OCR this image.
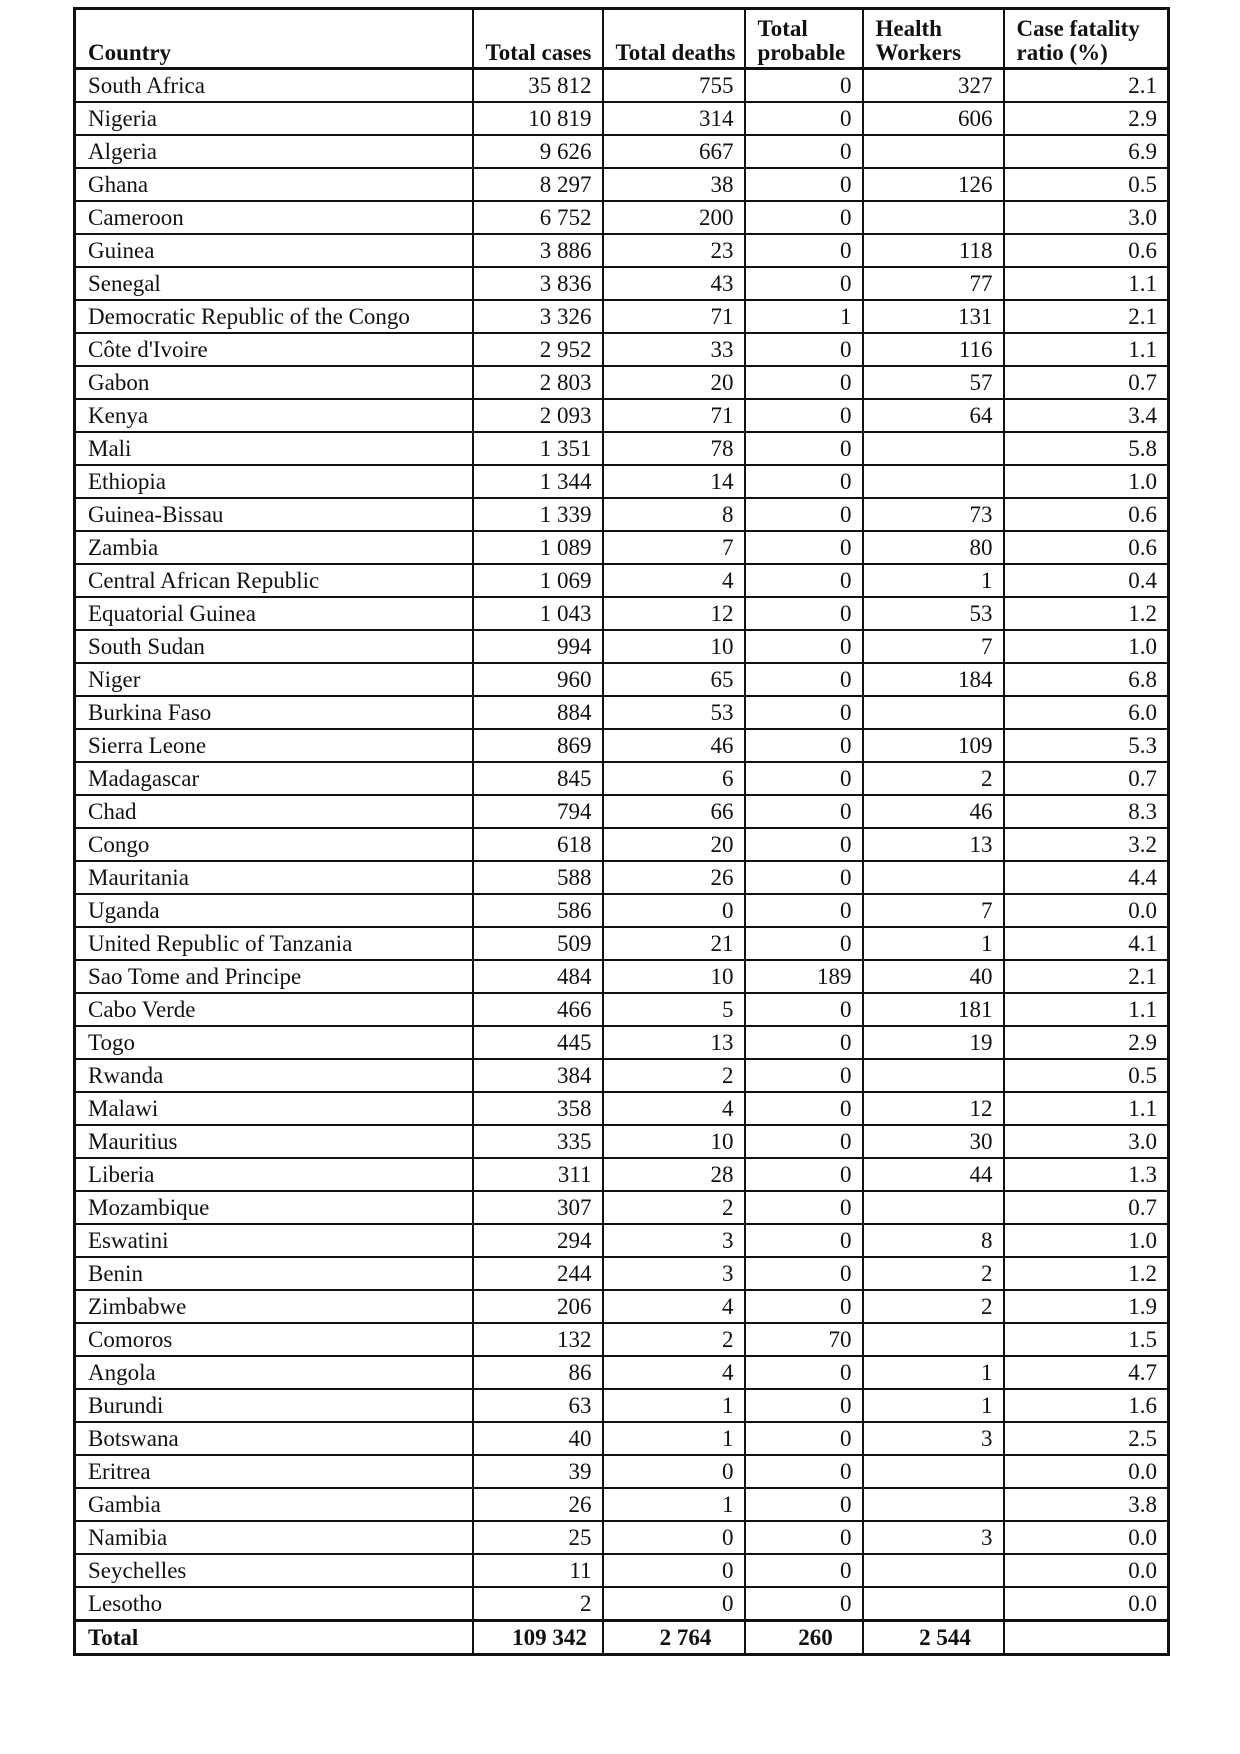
Country	Total cases	Total deaths	Total probable	Health Workers	Case fatality ratio (%)
South Africa	35 812	755	0	327	2.1
Nigeria	10 819	314	0	606	2.9
Algeria	9 626	667	0		6.9
Ghana	8 297	38	0	126	0.5
Cameroon	6 752	200	0		3.0
Guinea	3 886	23	0	118	0.6
Senegal	3 836	43	0	77	1.1
Democratic Republic of the Congo	3 326	71	1	131	2.1
Côte d'Ivoire	2 952	33	0	116	1.1
Gabon	2 803	20	0	57	0.7
Kenya	2 093	71	0	64	3.4
Mali	1 351	78	0		5.8
Ethiopia	1 344	14	0		1.0
Guinea-Bissau	1 339	8	0	73	0.6
Zambia	1 089	7	0	80	0.6
Central African Republic	1 069	4	0	1	0.4
Equatorial Guinea	1 043	12	0	53	1.2
South Sudan	994	10	0	7	1.0
Niger	960	65	0	184	6.8
Burkina Faso	884	53	0		6.0
Sierra Leone	869	46	0	109	5.3
Madagascar	845	6	0	2	0.7
Chad	794	66	0	46	8.3
Congo	618	20	0	13	3.2
Mauritania	588	26	0		4.4
Uganda	586	0	0	7	0.0
United Republic of Tanzania	509	21	0	1	4.1
Sao Tome and Principe	484	10	189	40	2.1
Cabo Verde	466	5	0	181	1.1
Togo	445	13	0	19	2.9
Rwanda	384	2	0		0.5
Malawi	358	4	0	12	1.1
Mauritius	335	10	0	30	3.0
Liberia	311	28	0	44	1.3
Mozambique	307	2	0		0.7
Eswatini	294	3	0	8	1.0
Benin	244	3	0	2	1.2
Zimbabwe	206	4	0	2	1.9
Comoros	132	2	70		1.5
Angola	86	4	0	1	4.7
Burundi	63	1	0	1	1.6
Botswana	40	1	0	3	2.5
Eritrea	39	0	0		0.0
Gambia	26	1	0		3.8
Namibia	25	0	0	3	0.0
Seychelles	11	0	0		0.0
Lesotho	2	0	0		0.0
Total	109 342	2 764	260	2 544	
